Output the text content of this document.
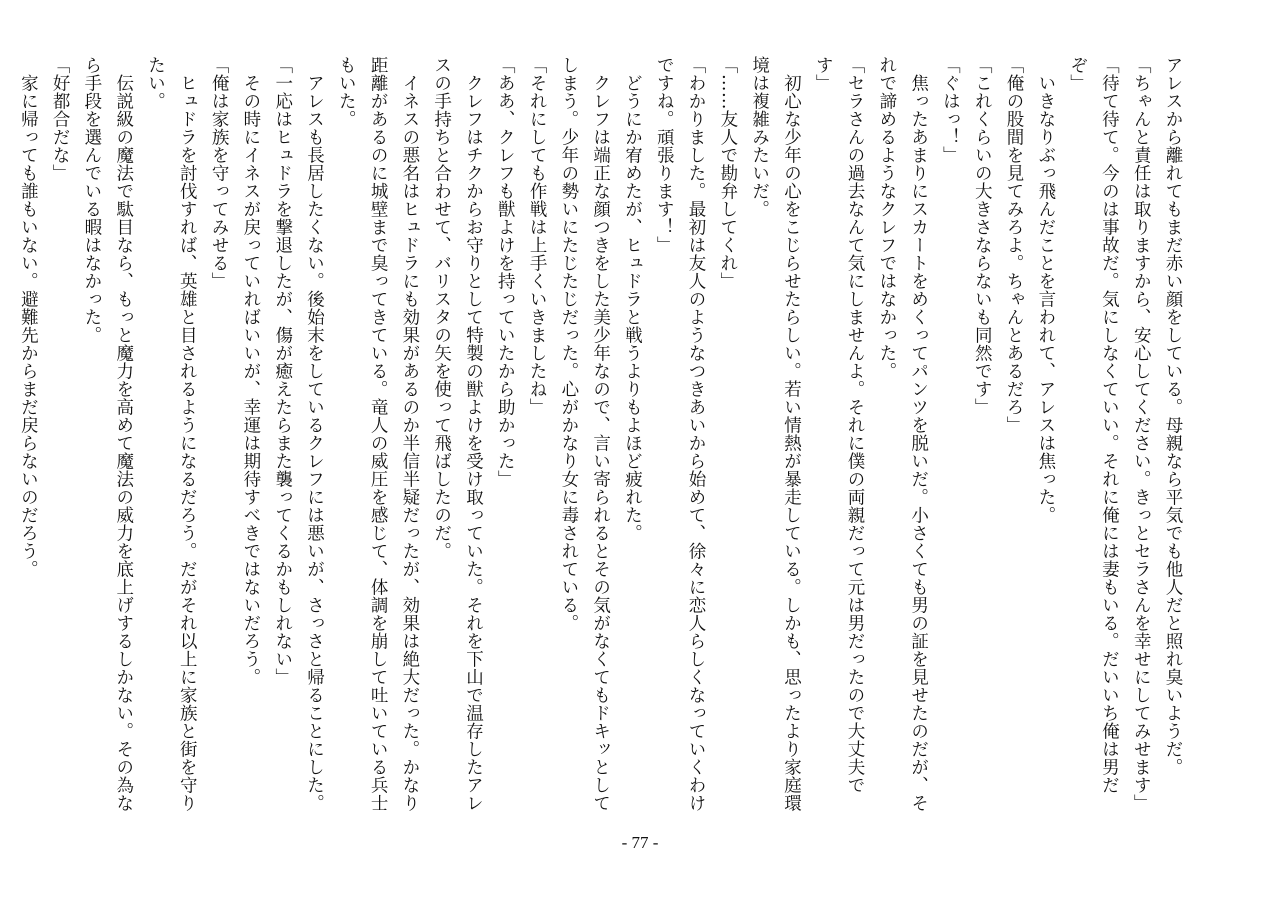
アレスから離れてもまだ赤い顔をしている。母親なら平気でも他人だと照れ臭いようだ。

「ちゃんと責任は取りますから、安心してください。きっとセラさんを幸せにしてみせます」

「待て待て。今のは事故だ。気にしなくていい。それに俺には妻もいる。だいいち俺は男だぞ」

　いきなりぶっ飛んだことを言われて、アレスは焦った。

「俺の股間を見てみろよ。ちゃんとあるだろ」

「これくらいの大きさならないも同然です」

「ぐはっ！」

　焦ったあまりにスカートをめくってパンツを脱いだ。小さくても男の証を見せたのだが、それで諦めるようなクレフではなかった。

「セラさんの過去なんて気にしませんよ。それに僕の両親だって元は男だったので大丈夫です」

　初心な少年の心をこじらせたらしい。若い情熱が暴走している。しかも、思ったより家庭環境は複雑みたいだ。

「……友人で勘弁してくれ」

「わかりました。最初は友人のようなつきあいから始めて、徐々に恋人らしくなっていくわけですね。頑張ります！」

　どうにか宥めたが、ヒュドラと戦うよりもよほど疲れた。

　クレフは端正な顔つきをした美少年なので、言い寄られるとその気がなくてもドキッとしてしまう。少年の勢いにたじたじだった。心がかなり女に毒されている。

「それにしても作戦は上手くいきましたね」

「ああ、クレフも獣よけを持っていたから助かった」

　クレフはチクからお守りとして特製の獣よけを受け取っていた。それを下山で温存したアレスの手持ちと合わせて、バリスタの矢を使って飛ばしたのだ。

　イネスの悪名はヒュドラにも効果があるのか半信半疑だったが、効果は絶大だった。かなり距離があるのに城壁まで臭ってきている。竜人の威圧を感じて、体調を崩して吐いている兵士もいた。

　アレスも長居したくない。後始末をしているクレフには悪いが、さっさと帰ることにした。

「一応はヒュドラを撃退したが、傷が癒えたらまた襲ってくるかもしれない」

　その時にイネスが戻っていればいいが、幸運は期待すべきではないだろう。

「俺は家族を守ってみせる」

　ヒュドラを討伐すれば、英雄と目されるようになるだろう。だがそれ以上に家族と街を守りたい。

　伝説級の魔法で駄目なら、もっと魔力を高めて魔法の威力を底上げするしかない。その為なら手段を選んでいる暇はなかった。

「好都合だな」

　家に帰っても誰もいない。避難先からまだ戻らないのだろう。

- 77 -
